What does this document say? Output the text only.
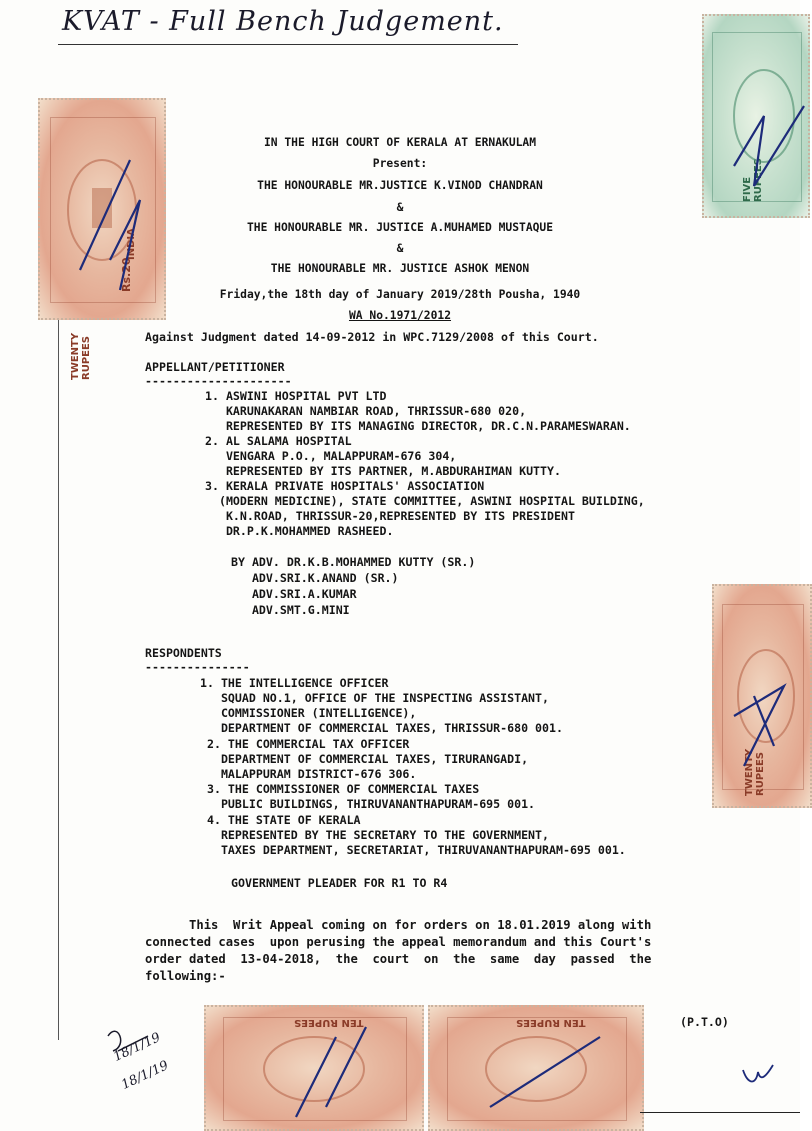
KVAT - Full Bench Judgement.
Rs.20
TWENTY RUPEES
INDIA
FIVE RUPEES
TWENTY RUPEES
TEN RUPEES	TEN RUPEES
IN THE HIGH COURT OF KERALA AT ERNAKULAM
Present:
THE HONOURABLE MR.JUSTICE K.VINOD CHANDRAN
&
THE HONOURABLE MR. JUSTICE A.MUHAMED MUSTAQUE
&
THE HONOURABLE MR. JUSTICE ASHOK MENON
Friday,the 18th day of January 2019/28th Pousha, 1940
WA No.1971/2012
Against Judgment dated 14-09-2012 in WPC.7129/2008 of this Court.
APPELLANT/PETITIONER
---------------------
1. ASWINI HOSPITAL PVT LTD
KARUNAKARAN NAMBIAR ROAD, THRISSUR-680 020,
REPRESENTED BY ITS MANAGING DIRECTOR, DR.C.N.PARAMESWARAN.
2. AL SALAMA HOSPITAL
VENGARA P.O., MALAPPURAM-676 304,
REPRESENTED BY ITS PARTNER, M.ABDURAHIMAN KUTTY.
3. KERALA PRIVATE HOSPITALS' ASSOCIATION
(MODERN MEDICINE), STATE COMMITTEE, ASWINI HOSPITAL BUILDING,
K.N.ROAD, THRISSUR-20,REPRESENTED BY ITS PRESIDENT
DR.P.K.MOHAMMED RASHEED.
BY ADV. DR.K.B.MOHAMMED KUTTY (SR.)
ADV.SRI.K.ANAND (SR.)
ADV.SRI.A.KUMAR
ADV.SMT.G.MINI
RESPONDENTS
---------------
1. THE INTELLIGENCE OFFICER
SQUAD NO.1, OFFICE OF THE INSPECTING ASSISTANT,
COMMISSIONER (INTELLIGENCE),
DEPARTMENT OF COMMERCIAL TAXES, THRISSUR-680 001.
2. THE COMMERCIAL TAX OFFICER
DEPARTMENT OF COMMERCIAL TAXES, TIRURANGADI,
MALAPPURAM DISTRICT-676 306.
3. THE COMMISSIONER OF COMMERCIAL TAXES
PUBLIC BUILDINGS, THIRUVANANTHAPURAM-695 001.
4. THE STATE OF KERALA
REPRESENTED BY THE SECRETARY TO THE GOVERNMENT,
TAXES DEPARTMENT, SECRETARIAT, THIRUVANANTHAPURAM-695 001.
GOVERNMENT PLEADER FOR R1 TO R4
This  Writ Appeal coming on for orders on 18.01.2019 along with
connected cases  upon perusing the appeal memorandum and this Court's
order dated  13-04-2018,  the  court  on  the  same  day  passed  the
following:-
(P.T.O)
18/1/19
18/1/19
